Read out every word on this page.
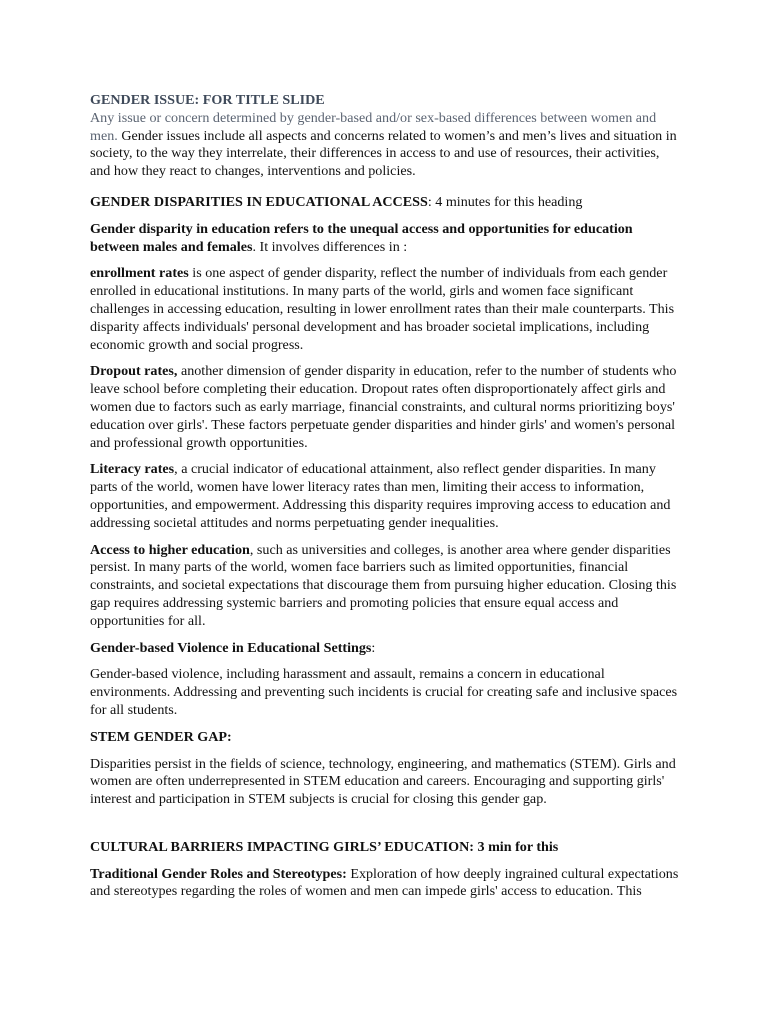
GENDER ISSUE: FOR TITLE SLIDE
Any issue or concern determined by gender-based and/or sex-based differences between women and men. Gender issues include all aspects and concerns related to women’s and men’s lives and situation in society, to the way they interrelate, their differences in access to and use of resources, their activities, and how they react to changes, interventions and policies.
GENDER DISPARITIES IN EDUCATIONAL ACCESS: 4 minutes for this heading
Gender disparity in education refers to the unequal access and opportunities for education between males and females. It involves differences in :
enrollment rates is one aspect of gender disparity, reflect the number of individuals from each gender enrolled in educational institutions. In many parts of the world, girls and women face significant challenges in accessing education, resulting in lower enrollment rates than their male counterparts. This disparity affects individuals' personal development and has broader societal implications, including economic growth and social progress.
Dropout rates, another dimension of gender disparity in education, refer to the number of students who leave school before completing their education. Dropout rates often disproportionately affect girls and women due to factors such as early marriage, financial constraints, and cultural norms prioritizing boys' education over girls'. These factors perpetuate gender disparities and hinder girls' and women's personal and professional growth opportunities.
Literacy rates, a crucial indicator of educational attainment, also reflect gender disparities. In many parts of the world, women have lower literacy rates than men, limiting their access to information, opportunities, and empowerment. Addressing this disparity requires improving access to education and addressing societal attitudes and norms perpetuating gender inequalities.
Access to higher education, such as universities and colleges, is another area where gender disparities persist. In many parts of the world, women face barriers such as limited opportunities, financial constraints, and societal expectations that discourage them from pursuing higher education. Closing this gap requires addressing systemic barriers and promoting policies that ensure equal access and opportunities for all.
Gender-based Violence in Educational Settings:
Gender-based violence, including harassment and assault, remains a concern in educational environments. Addressing and preventing such incidents is crucial for creating safe and inclusive spaces for all students.
STEM GENDER GAP:
Disparities persist in the fields of science, technology, engineering, and mathematics (STEM). Girls and women are often underrepresented in STEM education and careers. Encouraging and supporting girls' interest and participation in STEM subjects is crucial for closing this gender gap.
CULTURAL BARRIERS IMPACTING GIRLS’ EDUCATION: 3 min for this
Traditional Gender Roles and Stereotypes: Exploration of how deeply ingrained cultural expectations and stereotypes regarding the roles of women and men can impede girls' access to education. This
